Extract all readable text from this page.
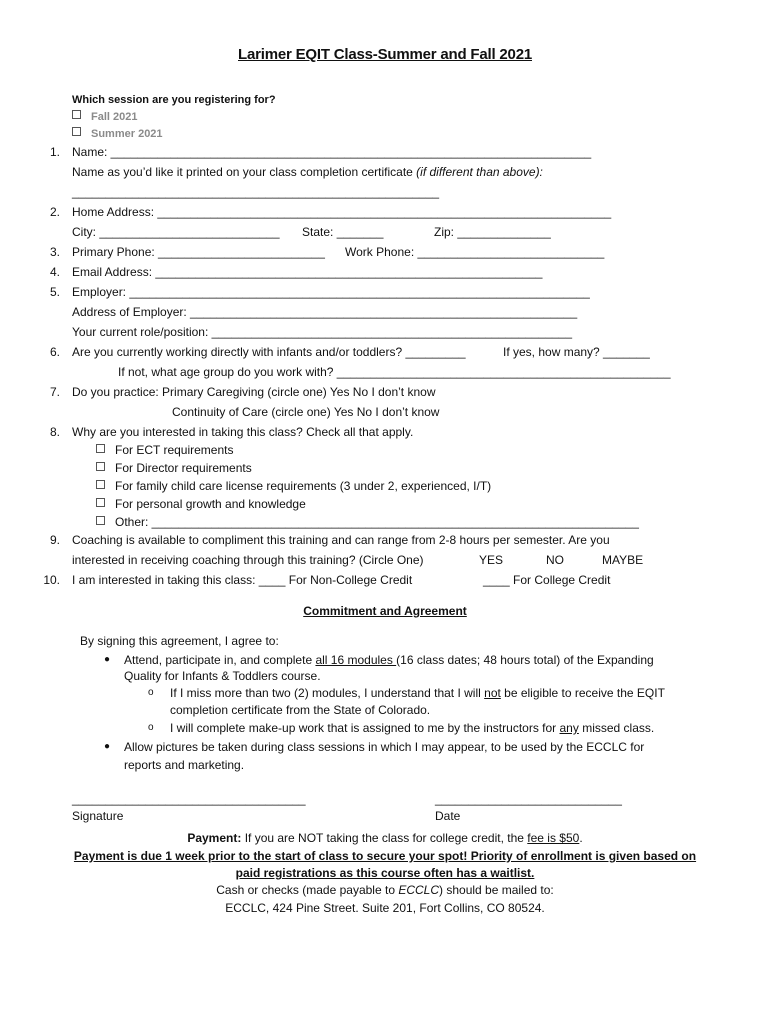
Larimer EQIT Class-Summer and Fall 2021
Which session are you registering for?
Fall 2021
Summer 2021
1. Name: ________________________________________________________________________
Name as you’d like it printed on your class completion certificate (if different than above):
_______________________________________________________
2. Home Address: ____________________________________________________________________
City: ___________________________ State: _______	Zip: ______________
3. Primary Phone: _________________________ Work Phone: ____________________________
4. Email Address: __________________________________________________________
5. Employer: _____________________________________________________________________
Address of Employer: __________________________________________________________
Your current role/position: ______________________________________________________
6. Are you currently working directly with infants and/or toddlers? _________	If yes, how many? _______
If not, what age group do you work with? __________________________________________________
7. Do you practice: Primary Caregiving (circle one) Yes No I don’t know
Continuity of Care (circle one) Yes No I don’t know
8. Why are you interested in taking this class? Check all that apply.
For ECT requirements
For Director requirements
For family child care license requirements (3 under 2, experienced, I/T)
For personal growth and knowledge
Other: _________________________________________________________________________
9. Coaching is available to compliment this training and can range from 2-8 hours per semester. Are you
interested in receiving coaching through this training? (Circle One)	YES	NO	MAYBE
10. I am interested in taking this class: ____ For Non-College Credit	____ For College Credit
Commitment and Agreement
By signing this agreement, I agree to:
● Attend, participate in, and complete all 16 modules (16 class dates; 48 hours total) of the Expanding
Quality for Infants & Toddlers course.
o If I miss more than two (2) modules, I understand that I will not be eligible to receive the EQIT
completion certificate from the State of Colorado.
o I will complete make-up work that is assigned to me by the instructors for any missed class.
● Allow pictures be taken during class sessions in which I may appear, to be used by the ECCLC for
reports and marketing.
___________________________________
Signature
____________________________
Date
Payment: If you are NOT taking the class for college credit, the fee is $50.
Payment is due 1 week prior to the start of class to secure your spot! Priority of enrollment is given based on
paid registrations as this course often has a waitlist.
Cash or checks (made payable to ECCLC) should be mailed to:
ECCLC, 424 Pine Street. Suite 201, Fort Collins, CO 80524.
